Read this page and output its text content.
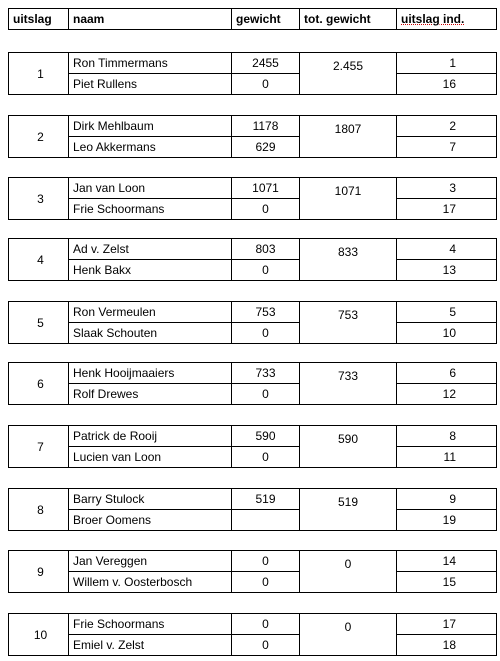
uitslag	naam	gewicht	tot. gewicht	uitslag ind.
1	Ron Timmermans	2455	2.455	1
	Piet Rullens	0		16
2	Dirk Mehlbaum	1178	1807	2
	Leo Akkermans	629		7
3	Jan van Loon	1071	1071	3
	Frie Schoormans	0		17
4	Ad v. Zelst	803	833	4
	Henk Bakx	0		13
5	Ron Vermeulen	753	753	5
	Slaak Schouten	0		10
6	Henk Hooijmaaiers	733	733	6
	Rolf Drewes	0		12
7	Patrick de Rooij	590	590	8
	Lucien van Loon	0		11
8	Barry Stulock	519	519	9
	Broer Oomens			19
9	Jan Vereggen	0	0	14
	Willem v. Oosterbosch	0		15
10	Frie Schoormans	0	0	17
	Emiel v. Zelst	0		18
